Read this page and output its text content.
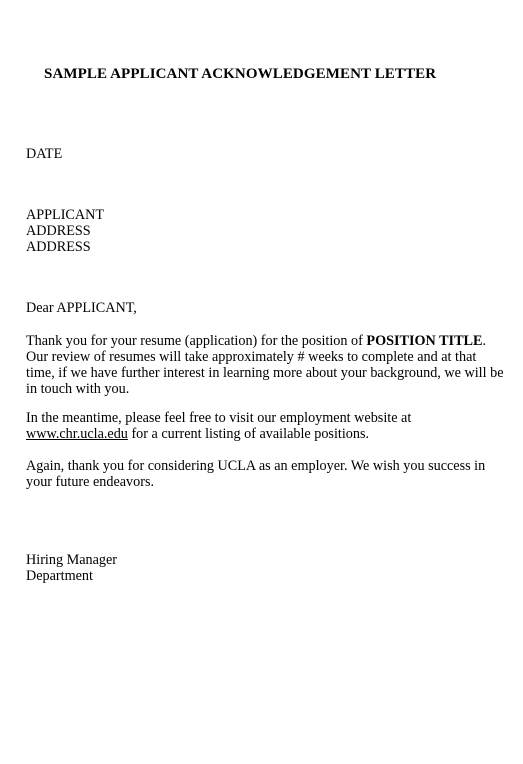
SAMPLE APPLICANT ACKNOWLEDGEMENT LETTER
DATE
APPLICANT
ADDRESS
ADDRESS
Dear APPLICANT,
Thank you for your resume (application) for the position of POSITION TITLE. Our review of resumes will take approximately # weeks to complete and at that time, if we have further interest in learning more about your background, we will be in touch with you.
In the meantime, please feel free to visit our employment website at www.chr.ucla.edu for a current listing of available positions.
Again, thank you for considering UCLA as an employer. We wish you success in your future endeavors.
Hiring Manager
Department
